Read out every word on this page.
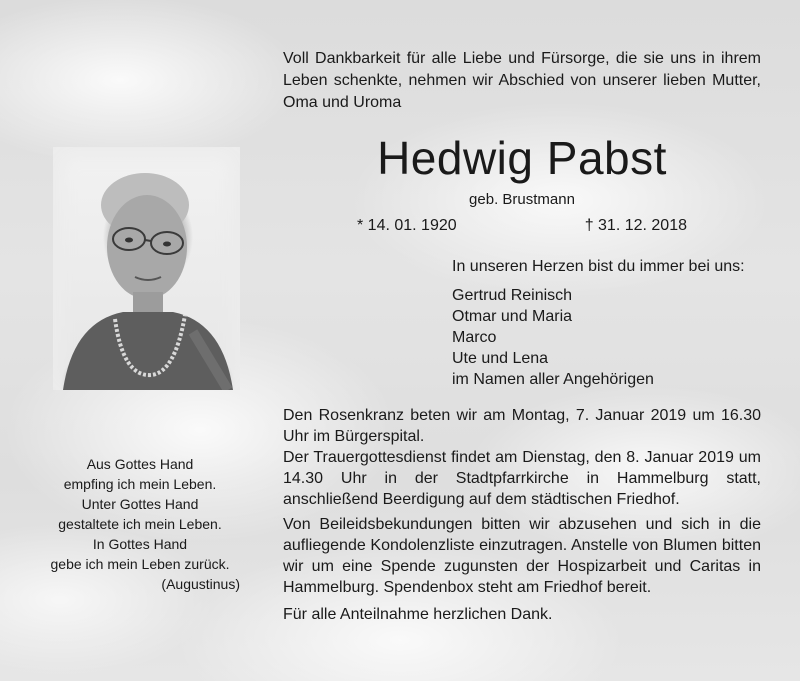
Voll Dankbarkeit für alle Liebe und Fürsorge, die sie uns in ihrem Leben schenkte, nehmen wir Abschied von unserer lieben Mutter, Oma und Uroma
Hedwig Pabst
geb. Brustmann
* 14. 01. 1920	† 31. 12. 2018
In unseren Herzen bist du immer bei uns:
Gertrud Reinisch
Otmar und Maria
Marco
Ute und Lena
im Namen aller Angehörigen

Den Rosenkranz beten wir am Montag, 7. Januar 2019 um 16.30 Uhr im Bürgerspital.

Der Trauergottesdienst findet am Dienstag, den 8. Januar 2019 um 14.30 Uhr in der Stadtpfarrkirche in Hammelburg statt, anschließend Beerdigung auf dem städtischen Friedhof.

Von Beileidsbekundungen bitten wir abzusehen und sich in die aufliegende Kondolenzliste einzutragen. Anstelle von Blumen bitten wir um eine Spende zugunsten der Hospizarbeit und Caritas in Hammelburg. Spendenbox steht am Friedhof bereit.

Für alle Anteilnahme herzlichen Dank.

Aus Gottes Hand
empfing ich mein Leben.
Unter Gottes Hand
gestaltete ich mein Leben.
In Gottes Hand
gebe ich mein Leben zurück.
(Augustinus)
